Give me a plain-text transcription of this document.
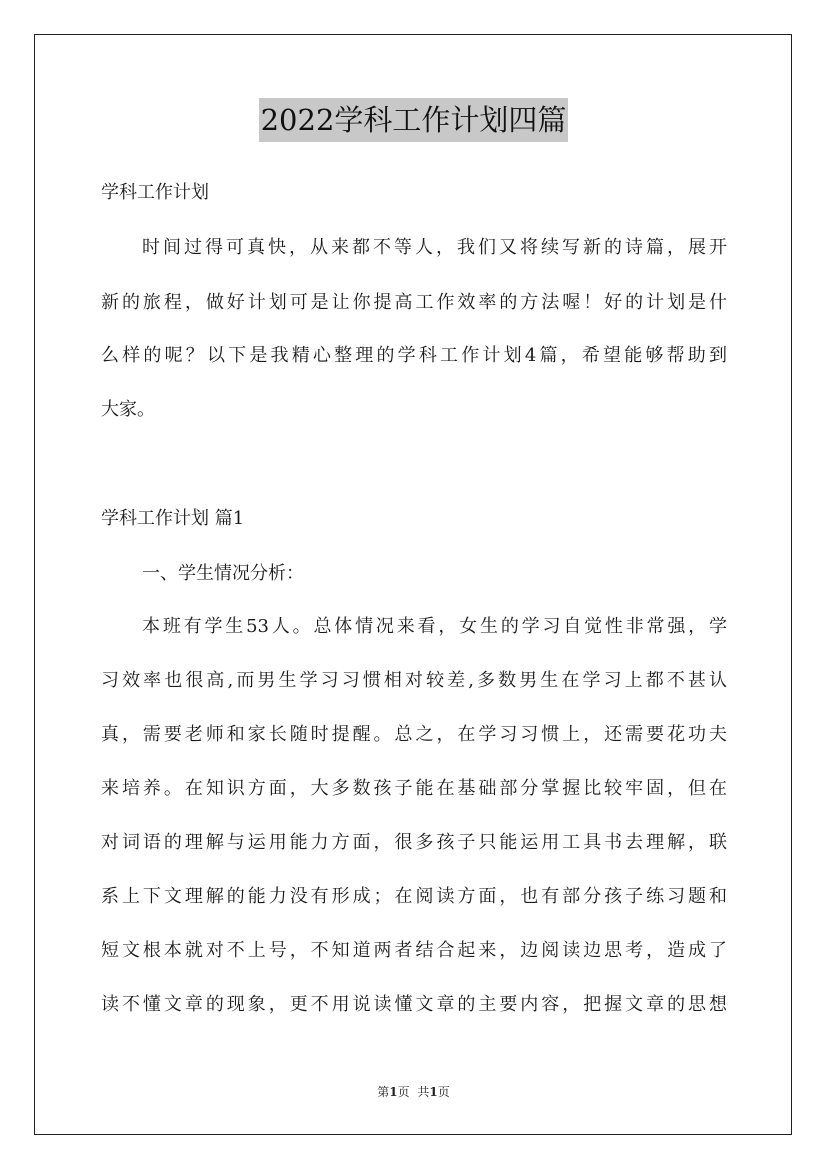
2022学科工作计划四篇
学科工作计划
时间过得可真快，从来都不等人，我们又将续写新的诗篇，展开
新的旅程，做好计划可是让你提高工作效率的方法喔！好的计划是什
么样的呢？以下是我精心整理的学科工作计划4篇，希望能够帮助到
大家。
学科工作计划 篇1
一、学生情况分析：
本班有学生53人。总体情况来看，女生的学习自觉性非常强，学
习效率也很高,而男生学习习惯相对较差,多数男生在学习上都不甚认
真，需要老师和家长随时提醒。总之，在学习习惯上，还需要花功夫
来培养。在知识方面，大多数孩子能在基础部分掌握比较牢固，但在
对词语的理解与运用能力方面，很多孩子只能运用工具书去理解，联
系上下文理解的能力没有形成；在阅读方面，也有部分孩子练习题和
短文根本就对不上号，不知道两者结合起来，边阅读边思考，造成了
读不懂文章的现象，更不用说读懂文章的主要内容，把握文章的思想
第1页 共1页
